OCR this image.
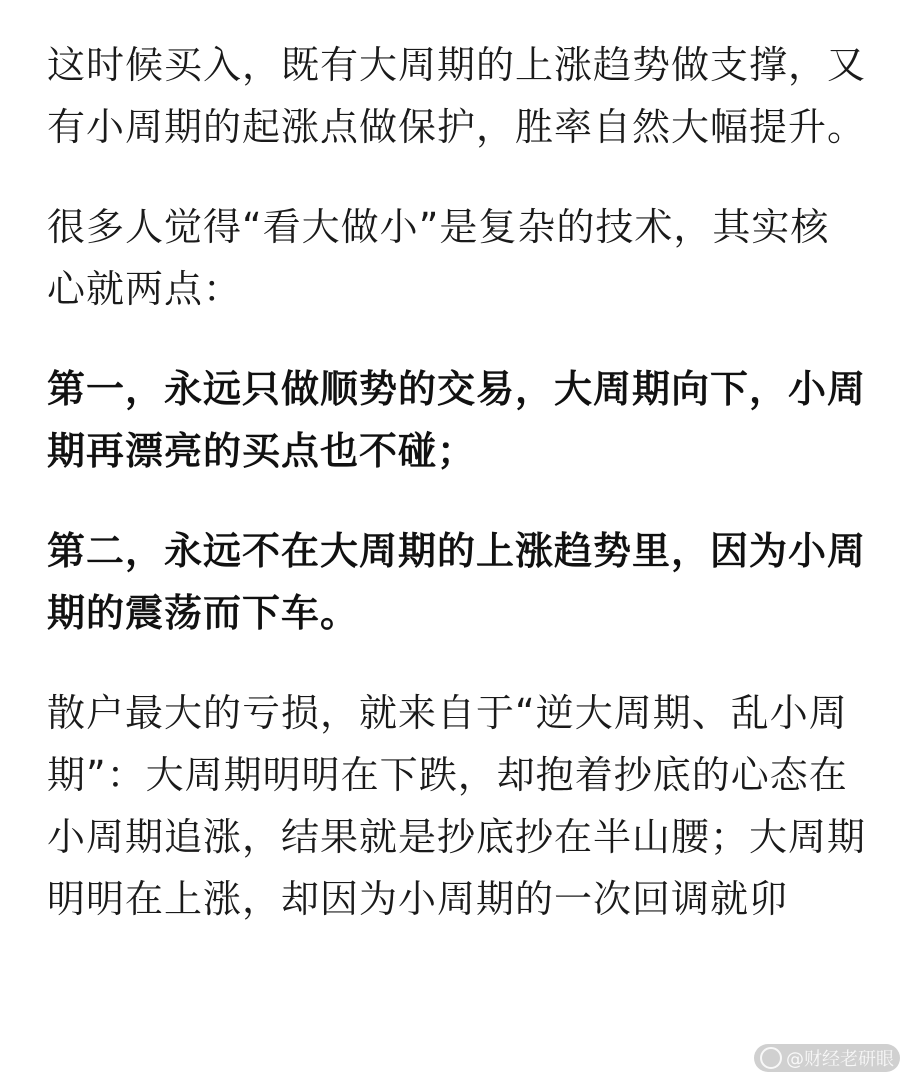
这时候买入，既有大周期的上涨趋势做支撑，又有小周期的起涨点做保护，胜率自然大幅提升。

很多人觉得“看大做小”是复杂的技术，其实核心就两点：

第一，永远只做顺势的交易，大周期向下，小周期再漂亮的买点也不碰；

第二，永远不在大周期的上涨趋势里，因为小周期的震荡而下车。

散户最大的亏损，就来自于“逆大周期、乱小周期”：大周期明明在下跌，却抱着抄底的心态在小周期追涨，结果就是抄底抄在半山腰；大周期明明在上涨，却因为小周期的一次回调就卯

@财经老研眼
